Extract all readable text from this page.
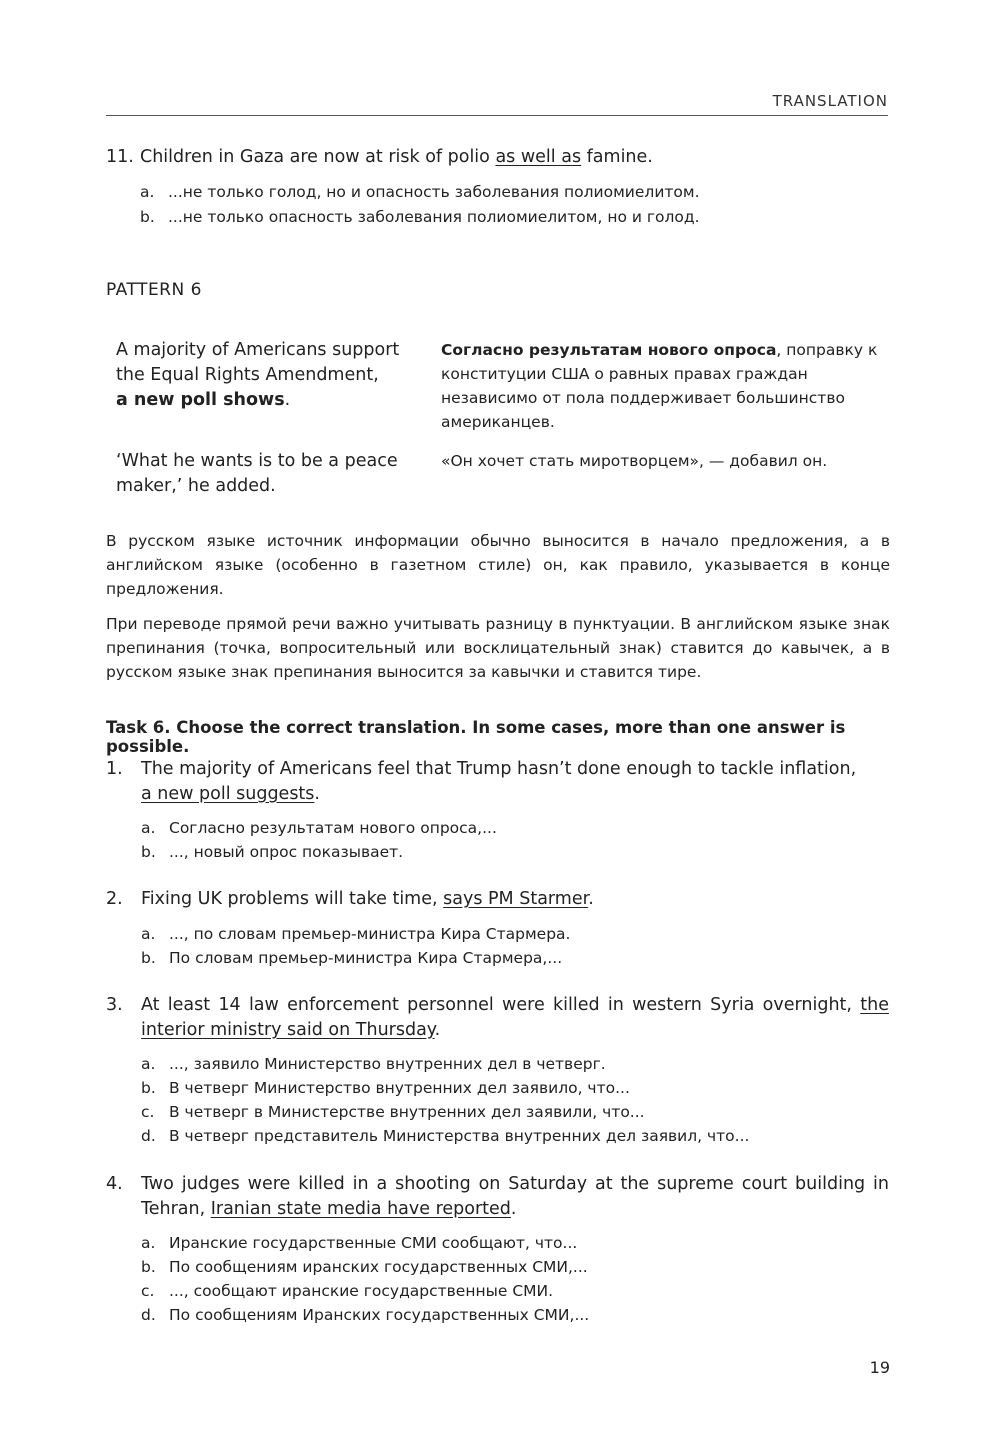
TRANSLATION
11. Children in Gaza are now at risk of polio as well as famine.
a. ...не только голод, но и опасность заболевания полиомиелитом.
b. ...не только опасность заболевания полиомиелитом, но и голод.
PATTERN 6
A majority of Americans support the Equal Rights Amendment,
a new poll shows.
Согласно результатам нового опроса, поправку к конституции США о равных правах граждан независимо от пола поддерживает большинство американцев.
‘What he wants is to be a peace maker,’ he added.
«Он хочет стать миротворцем», — добавил он.
В русском языке источник информации обычно выносится в начало предложения, а в английском языке (особенно в газетном стиле) он, как правило, указывается в конце предложения.
При переводе прямой речи важно учитывать разницу в пунктуации. В английском языке знак препинания (точка, вопросительный или восклицательный знак) ставится до кавычек, а в русском языке знак препинания выносится за кавычки и ставится тире.
Task 6. Choose the correct translation. In some cases, more than one answer is possible.
1. The majority of Americans feel that Trump hasn’t done enough to tackle inflation,
a new poll suggests.
a. Согласно результатам нового опроса,...
b. ..., новый опрос показывает.
2. Fixing UK problems will take time, says PM Starmer.
a. ..., по словам премьер-министра Кира Стармера.
b. По словам премьер-министра Кира Стармера,...
3. At least 14 law enforcement personnel were killed in western Syria overnight, the interior ministry said on Thursday.
a. ..., заявило Министерство внутренних дел в четверг.
b. В четверг Министерство внутренних дел заявило, что...
c. В четверг в Министерстве внутренних дел заявили, что...
d. В четверг представитель Министерства внутренних дел заявил, что...
4. Two judges were killed in a shooting on Saturday at the supreme court building in Tehran, Iranian state media have reported.
a. Иранские государственные СМИ сообщают, что...
b. По сообщениям иранских государственных СМИ,...
c. ..., сообщают иранские государственные СМИ.
d. По сообщениям Иранских государственных СМИ,...
19
